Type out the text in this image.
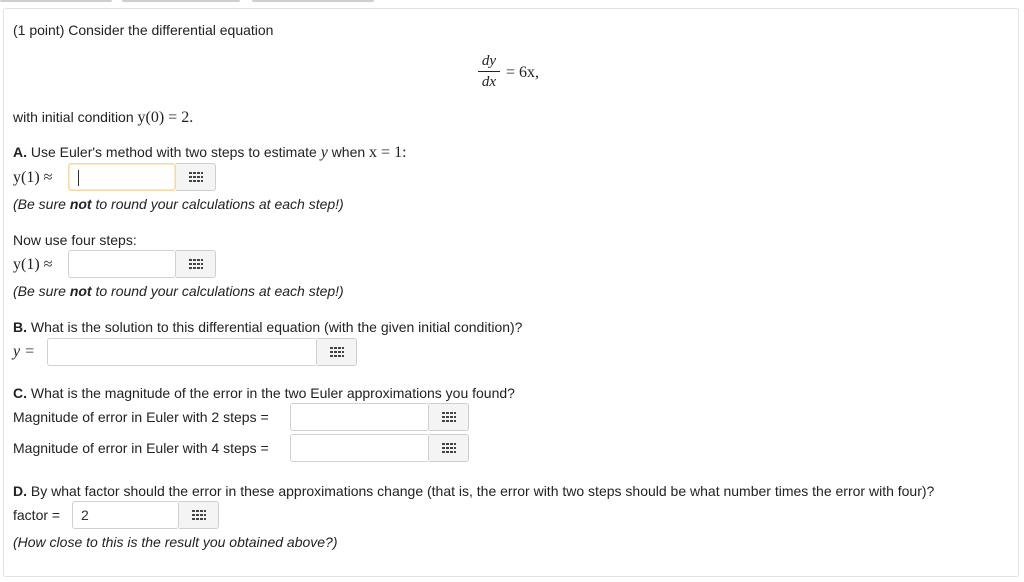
(1 point) Consider the differential equation
dy
dx
= 6x,
with initial condition y(0) = 2.
A. Use Euler's method with two steps to estimate y when x = 1:
y(1) ≈
(Be sure not to round your calculations at each step!)
Now use four steps:
y(1) ≈
(Be sure not to round your calculations at each step!)
B. What is the solution to this differential equation (with the given initial condition)?
y =
C. What is the magnitude of the error in the two Euler approximations you found?
Magnitude of error in Euler with 2 steps =
Magnitude of error in Euler with 4 steps =
D. By what factor should the error in these approximations change (that is, the error with two steps should be what number times the error with four)?
factor =	2
(How close to this is the result you obtained above?)
